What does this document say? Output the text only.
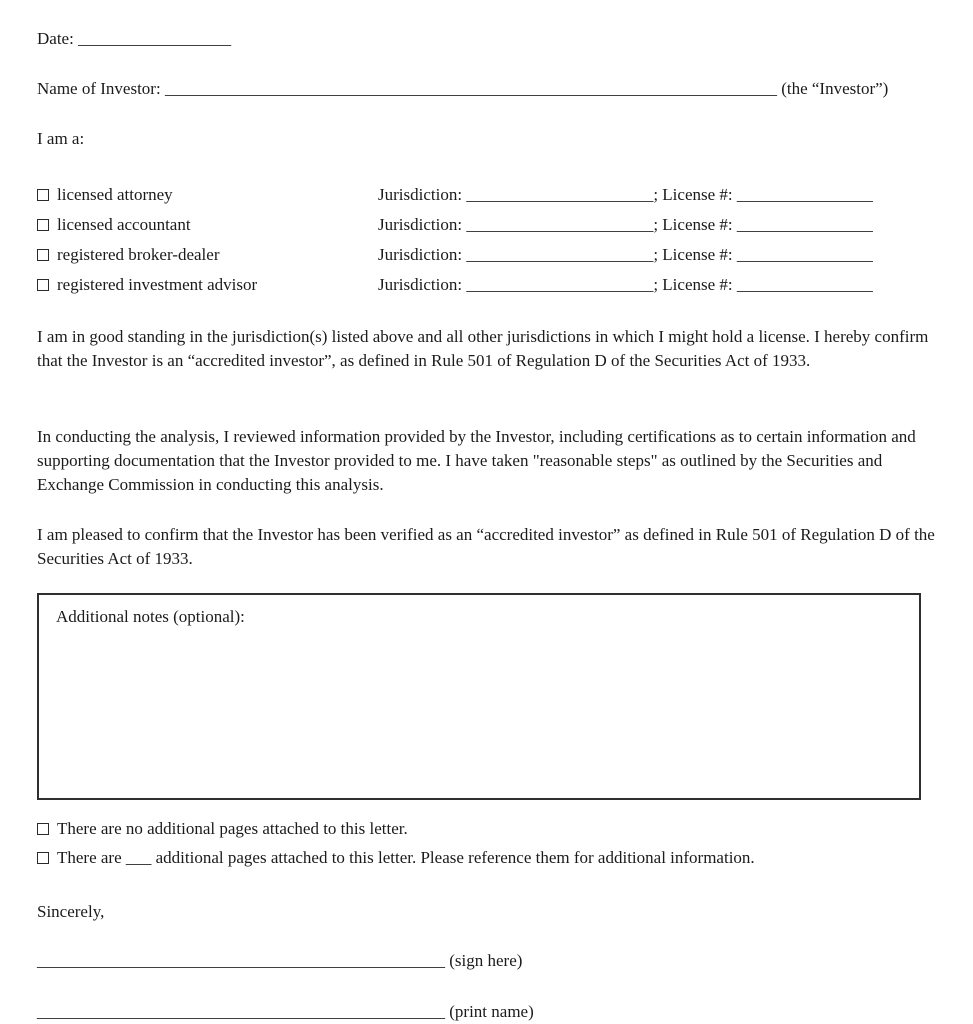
Date: __________________
Name of Investor: ________________________________________________________________________ (the “Investor”)
I am a:
licensed attorney	Jurisdiction: ______________________; License #: ________________
licensed accountant	Jurisdiction: ______________________; License #: ________________
registered broker-dealer	Jurisdiction: ______________________; License #: ________________
registered investment advisor	Jurisdiction: ______________________; License #: ________________
I am in good standing in the jurisdiction(s) listed above and all other jurisdictions in which I might hold a license. I hereby confirm that the Investor is an “accredited investor”, as defined in Rule 501 of Regulation D of the Securities Act of 1933.
In conducting the analysis, I reviewed information provided by the Investor, including certifications as to certain information and supporting documentation that the Investor provided to me. I have taken "reasonable steps" as outlined by the Securities and Exchange Commission in conducting this analysis.
I am pleased to confirm that the Investor has been verified as an “accredited investor” as defined in Rule 501 of Regulation D of the Securities Act of 1933.
Additional notes (optional):
There are no additional pages attached to this letter.
There are ___ additional pages attached to this letter. Please reference them for additional information.
Sincerely,
________________________________________________ (sign here)
________________________________________________ (print name)
